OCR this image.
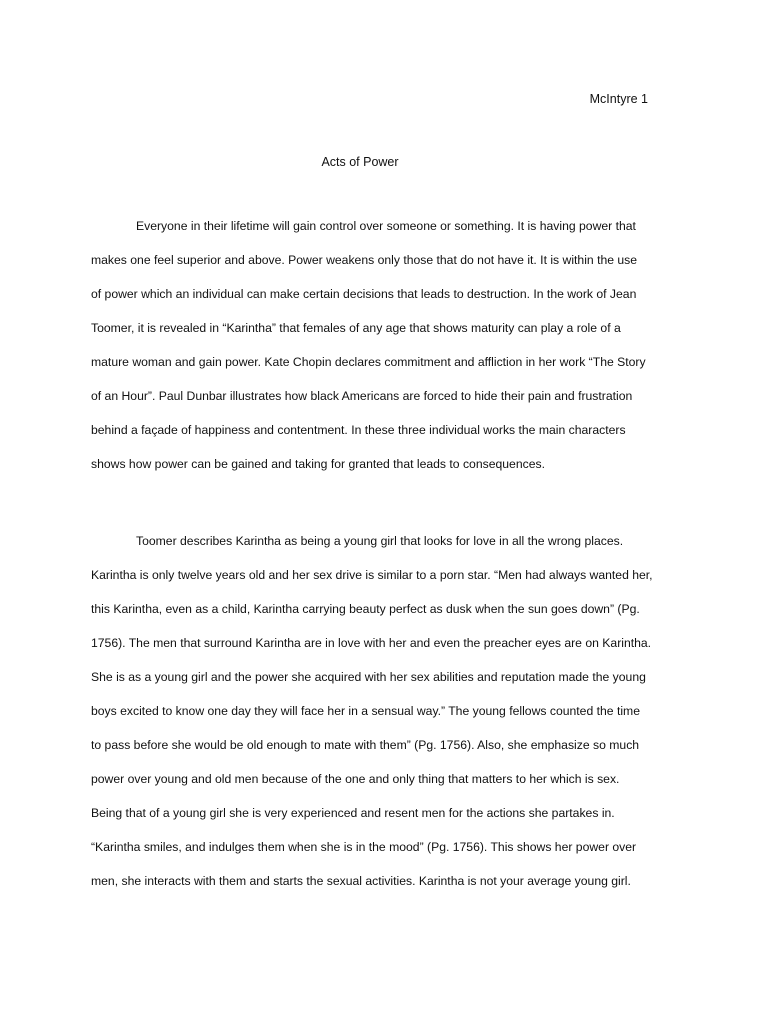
McIntyre 1
Acts of Power
Everyone in their lifetime will gain control over someone or something. It is having power that
makes one feel superior and above. Power weakens only those that do not have it. It is within the use
of power which an individual can make certain decisions that leads to destruction. In the work of Jean
Toomer, it is revealed in “Karintha” that females of any age that shows maturity can play a role of a
mature woman and gain power. Kate Chopin declares commitment and affliction in her work “The Story
of an Hour”. Paul Dunbar illustrates how black Americans are forced to hide their pain and frustration
behind a façade of happiness and contentment. In these three individual works the main characters
shows how power can be gained and taking for granted that leads to consequences.
Toomer describes Karintha as being a young girl that looks for love in all the wrong places.
Karintha is only twelve years old and her sex drive is similar to a porn star. “Men had always wanted her,
this Karintha, even as a child, Karintha carrying beauty perfect as dusk when the sun goes down” (Pg.
1756). The men that surround Karintha are in love with her and even the preacher eyes are on Karintha.
She is as a young girl and the power she acquired with her sex abilities and reputation made the young
boys excited to know one day they will face her in a sensual way.” The young fellows counted the time
to pass before she would be old enough to mate with them” (Pg. 1756). Also, she emphasize so much
power over young and old men because of the one and only thing that matters to her which is sex.
Being that of a young girl she is very experienced and resent men for the actions she partakes in.
“Karintha smiles, and indulges them when she is in the mood” (Pg. 1756). This shows her power over
men, she interacts with them and starts the sexual activities. Karintha is not your average young girl.
